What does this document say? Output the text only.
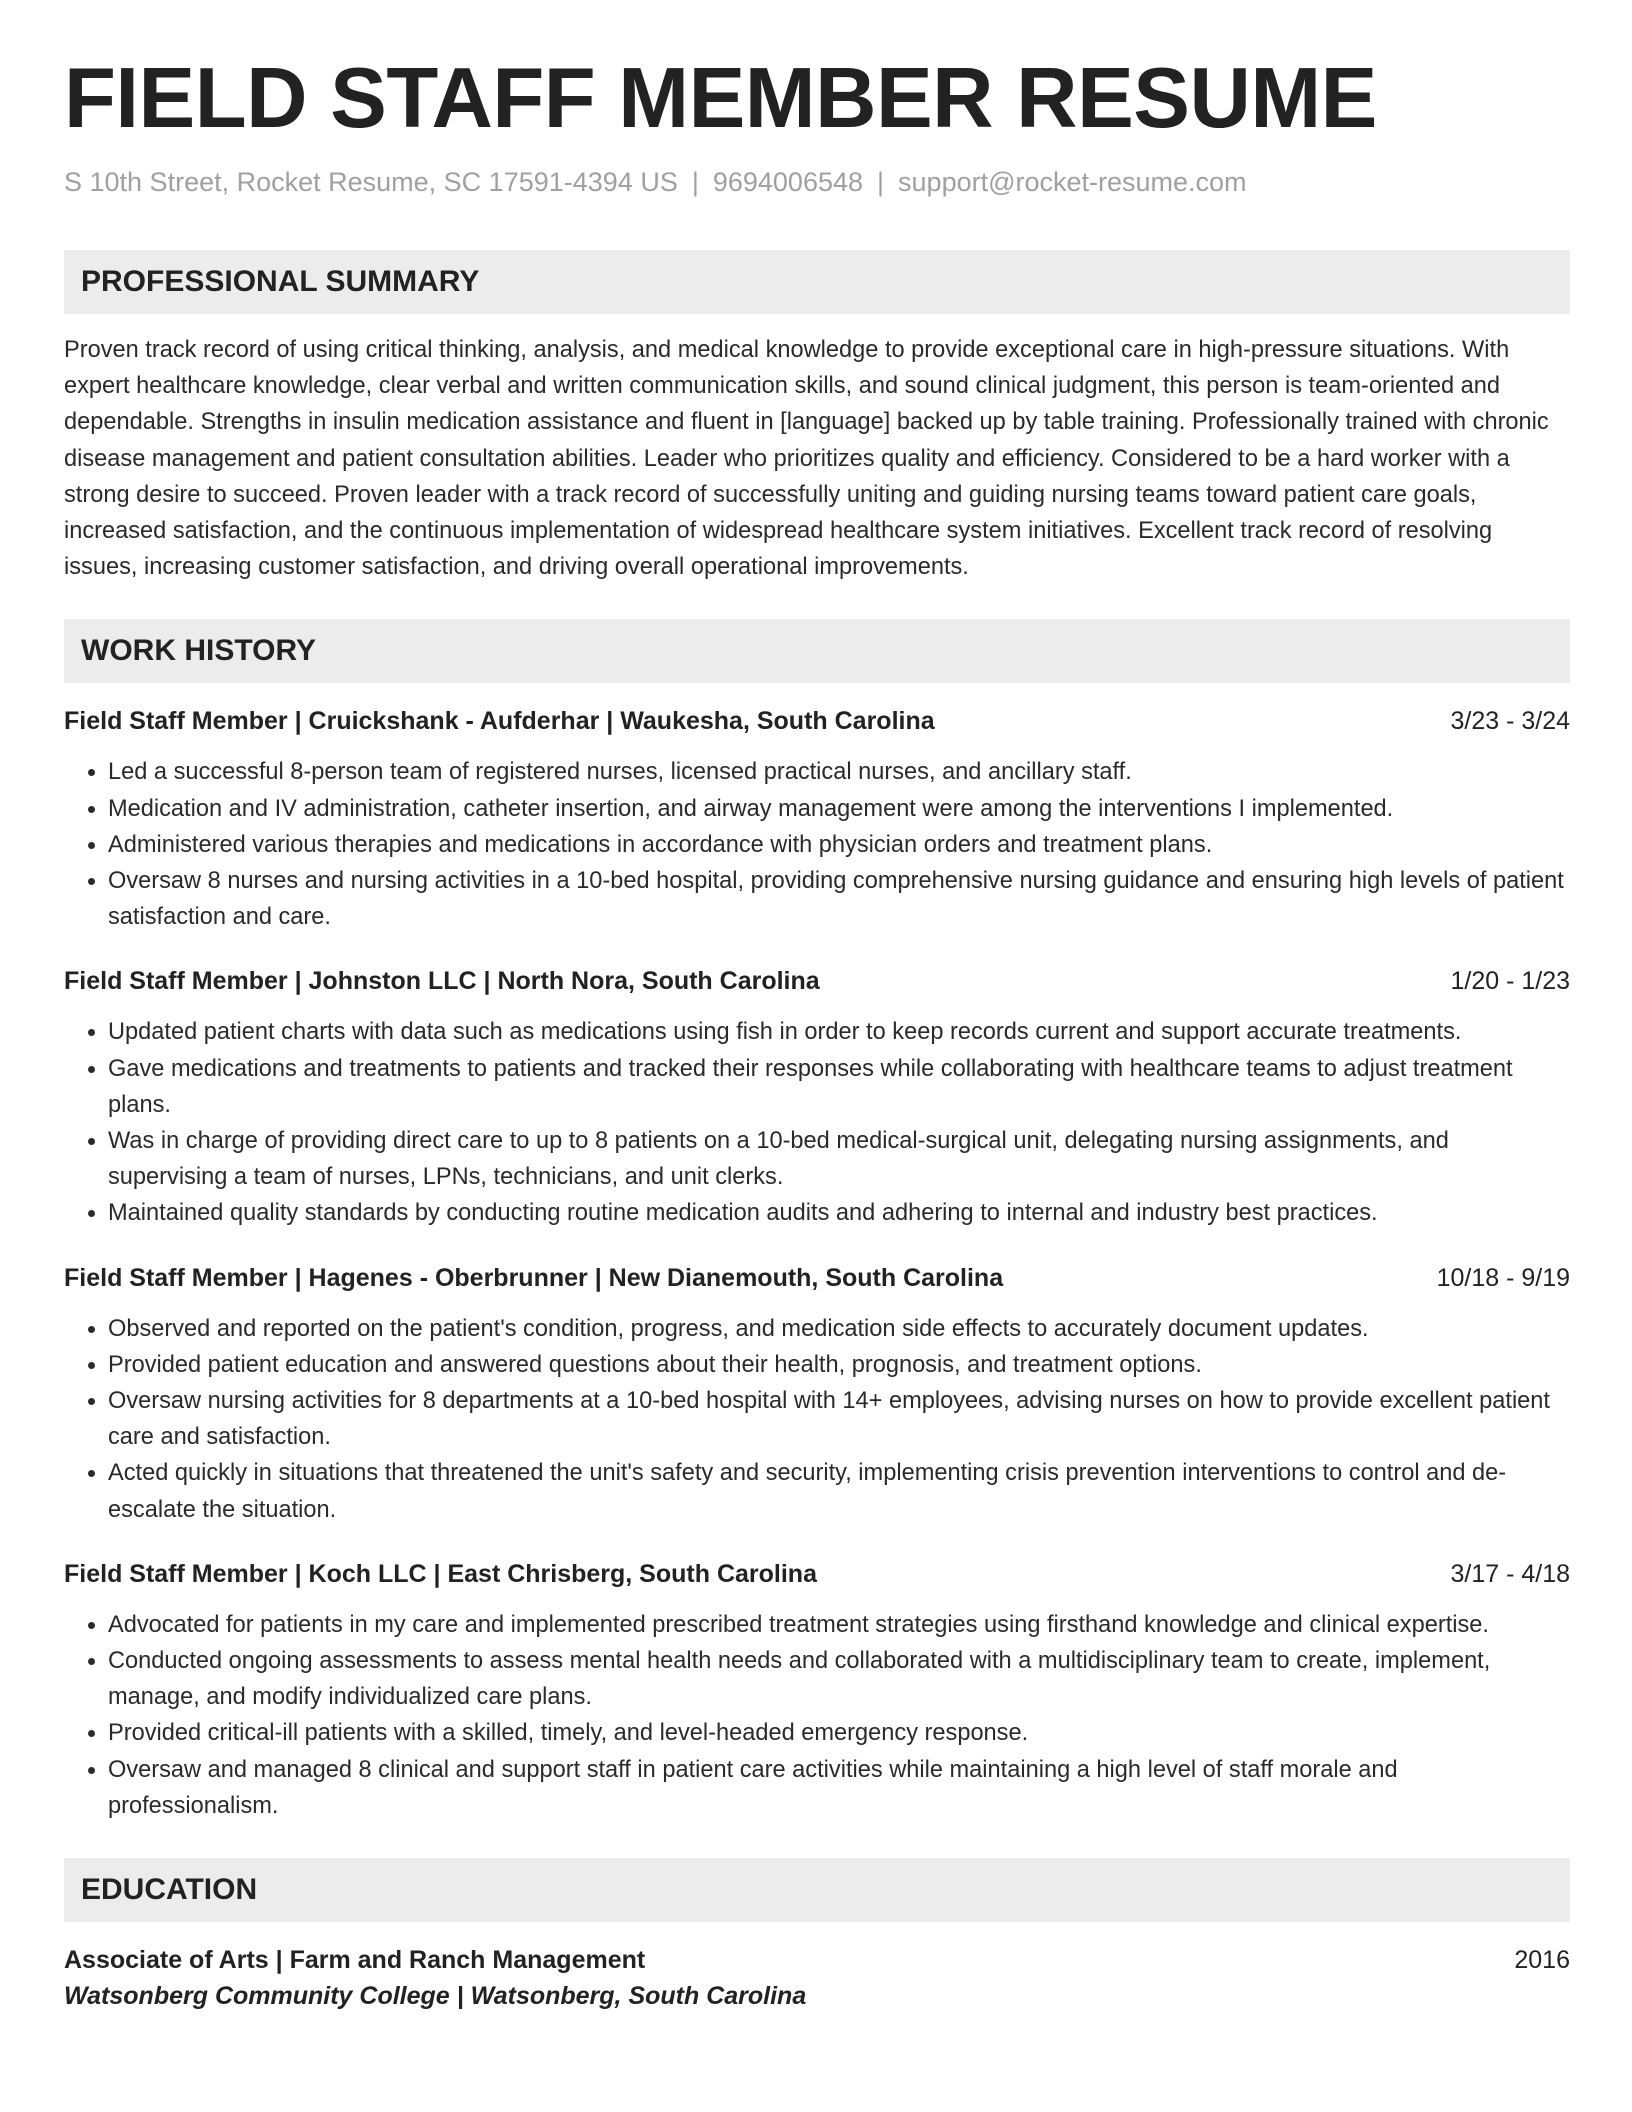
FIELD STAFF MEMBER RESUME
S 10th Street, Rocket Resume, SC 17591-4394 US | 9694006548 | support@rocket-resume.com
PROFESSIONAL SUMMARY
Proven track record of using critical thinking, analysis, and medical knowledge to provide exceptional care in high-pressure situations. With expert healthcare knowledge, clear verbal and written communication skills, and sound clinical judgment, this person is team-oriented and dependable. Strengths in insulin medication assistance and fluent in [language] backed up by table training. Professionally trained with chronic disease management and patient consultation abilities. Leader who prioritizes quality and efficiency. Considered to be a hard worker with a strong desire to succeed. Proven leader with a track record of successfully uniting and guiding nursing teams toward patient care goals, increased satisfaction, and the continuous implementation of widespread healthcare system initiatives. Excellent track record of resolving issues, increasing customer satisfaction, and driving overall operational improvements.
WORK HISTORY
Field Staff Member | Cruickshank - Aufderhar | Waukesha, South Carolina	3/23 - 3/24
• Led a successful 8-person team of registered nurses, licensed practical nurses, and ancillary staff.
• Medication and IV administration, catheter insertion, and airway management were among the interventions I implemented.
• Administered various therapies and medications in accordance with physician orders and treatment plans.
• Oversaw 8 nurses and nursing activities in a 10-bed hospital, providing comprehensive nursing guidance and ensuring high levels of patient satisfaction and care.
Field Staff Member | Johnston LLC | North Nora, South Carolina	1/20 - 1/23
• Updated patient charts with data such as medications using fish in order to keep records current and support accurate treatments.
• Gave medications and treatments to patients and tracked their responses while collaborating with healthcare teams to adjust treatment plans.
• Was in charge of providing direct care to up to 8 patients on a 10-bed medical-surgical unit, delegating nursing assignments, and supervising a team of nurses, LPNs, technicians, and unit clerks.
• Maintained quality standards by conducting routine medication audits and adhering to internal and industry best practices.
Field Staff Member | Hagenes - Oberbrunner | New Dianemouth, South Carolina	10/18 - 9/19
• Observed and reported on the patient's condition, progress, and medication side effects to accurately document updates.
• Provided patient education and answered questions about their health, prognosis, and treatment options.
• Oversaw nursing activities for 8 departments at a 10-bed hospital with 14+ employees, advising nurses on how to provide excellent patient care and satisfaction.
• Acted quickly in situations that threatened the unit's safety and security, implementing crisis prevention interventions to control and de-escalate the situation.
Field Staff Member | Koch LLC | East Chrisberg, South Carolina	3/17 - 4/18
• Advocated for patients in my care and implemented prescribed treatment strategies using firsthand knowledge and clinical expertise.
• Conducted ongoing assessments to assess mental health needs and collaborated with a multidisciplinary team to create, implement, manage, and modify individualized care plans.
• Provided critical-ill patients with a skilled, timely, and level-headed emergency response.
• Oversaw and managed 8 clinical and support staff in patient care activities while maintaining a high level of staff morale and professionalism.
EDUCATION
Associate of Arts | Farm and Ranch Management	2016
Watsonberg Community College | Watsonberg, South Carolina
